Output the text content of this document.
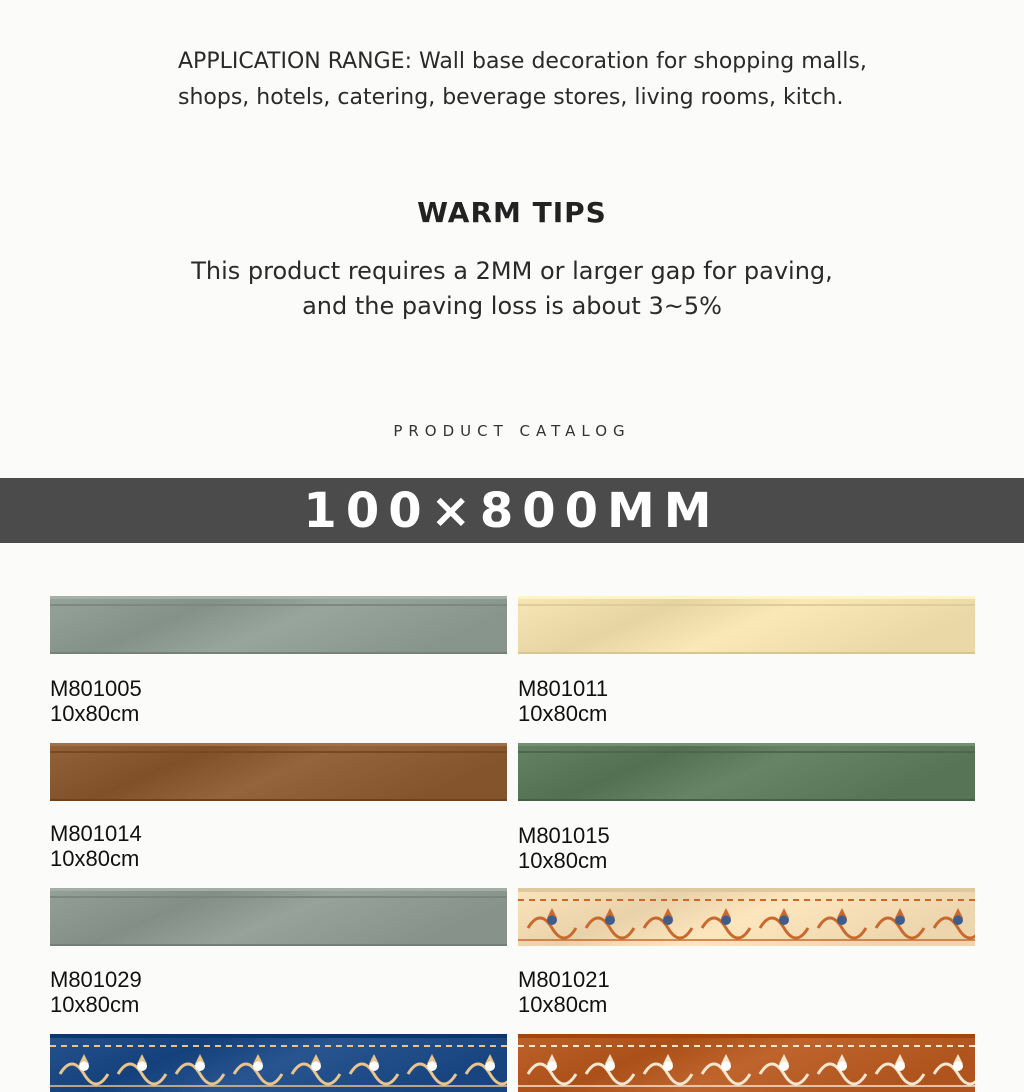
APPLICATION RANGE: Wall base decoration for shopping malls,
shops, hotels, catering, beverage stores, living rooms, kitch.
WARM TIPS
This product requires a 2MM or larger gap for paving,
and the paving loss is about 3~5%
PRODUCT CATALOG
100×800MM
M801005
10x80cm
M801011
10x80cm
M801014
10x80cm
M801015
10x80cm
M801029
10x80cm
M801021
10x80cm
